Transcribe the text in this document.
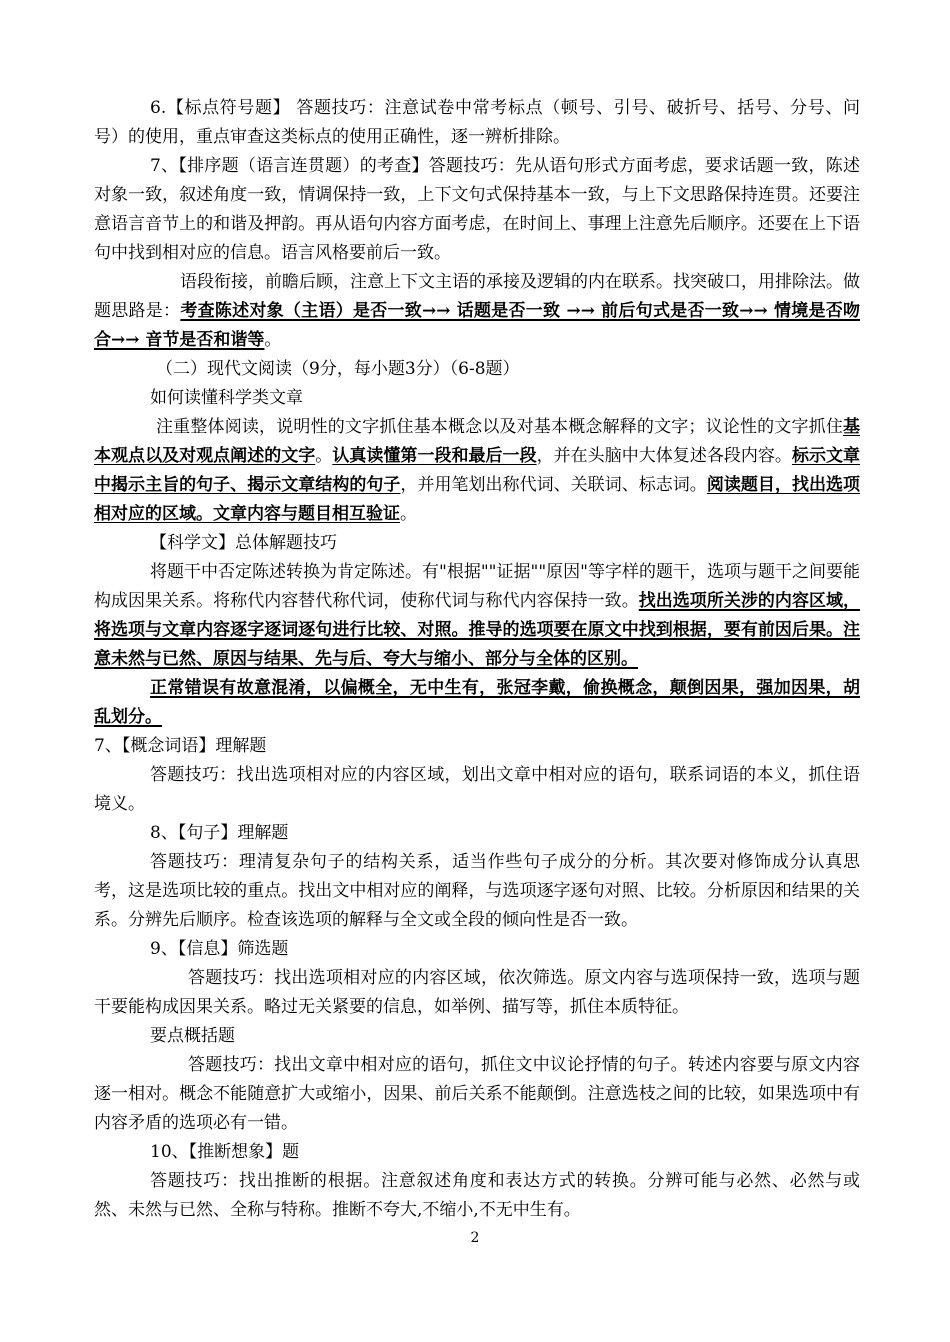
6.【标点符号题】 答题技巧：注意试卷中常考标点（顿号、引号、破折号、括号、分号、问号）的使用，重点审查这类标点的使用正确性，逐一辨析排除。

7、【排序题（语言连贯题）的考查】答题技巧：先从语句形式方面考虑，要求话题一致，陈述对象一致，叙述角度一致，情调保持一致，上下文句式保持基本一致，与上下文思路保持连贯。还要注意语言音节上的和谐及押韵。再从语句内容方面考虑，在时间上、事理上注意先后顺序。还要在上下语句中找到相对应的信息。语言风格要前后一致。

语段衔接，前瞻后顾，注意上下文主语的承接及逻辑的内在联系。找突破口，用排除法。做题思路是：考查陈述对象（主语）是否一致→→ 话题是否一致 →→ 前后句式是否一致→→ 情境是否吻合→→ 音节是否和谐等。

（二）现代文阅读（9分，每小题3分）（6-8题）

如何读懂科学类文章

注重整体阅读，说明性的文字抓住基本概念以及对基本概念解释的文字；议论性的文字抓住基本观点以及对观点阐述的文字。认真读懂第一段和最后一段，并在头脑中大体复述各段内容。标示文章中揭示主旨的句子、揭示文章结构的句子，并用笔划出称代词、关联词、标志词。阅读题目，找出选项相对应的区域。文章内容与题目相互验证。

【科学文】总体解题技巧

将题干中否定陈述转换为肯定陈述。有"根据""证据""原因"等字样的题干，选项与题干之间要能构成因果关系。将称代内容替代称代词，使称代词与称代内容保持一致。找出选项所关涉的内容区域，将选项与文章内容逐字逐词逐句进行比较、对照。推导的选项要在原文中找到根据，要有前因后果。注意未然与已然、原因与结果、先与后、夸大与缩小、部分与全体的区别。

正常错误有故意混淆，以偏概全，无中生有，张冠李戴，偷换概念，颠倒因果，强加因果，胡乱划分。

7、【概念词语】理解题

答题技巧：找出选项相对应的内容区域，划出文章中相对应的语句，联系词语的本义，抓住语境义。

8、【句子】理解题

答题技巧：理清复杂句子的结构关系，适当作些句子成分的分析。其次要对修饰成分认真思考，这是选项比较的重点。找出文中相对应的阐释，与选项逐字逐句对照、比较。分析原因和结果的关系。分辨先后顺序。检查该选项的解释与全文或全段的倾向性是否一致。

9、【信息】筛选题

答题技巧：找出选项相对应的内容区域，依次筛选。原文内容与选项保持一致，选项与题干要能构成因果关系。略过无关紧要的信息，如举例、描写等，抓住本质特征。

要点概括题

答题技巧：找出文章中相对应的语句，抓住文中议论抒情的句子。转述内容要与原文内容逐一相对。概念不能随意扩大或缩小，因果、前后关系不能颠倒。注意选枝之间的比较，如果选项中有内容矛盾的选项必有一错。

10、【推断想象】题

答题技巧：找出推断的根据。注意叙述角度和表达方式的转换。分辨可能与必然、必然与或然、未然与已然、全称与特称。推断不夸大,不缩小,不无中生有。

2
